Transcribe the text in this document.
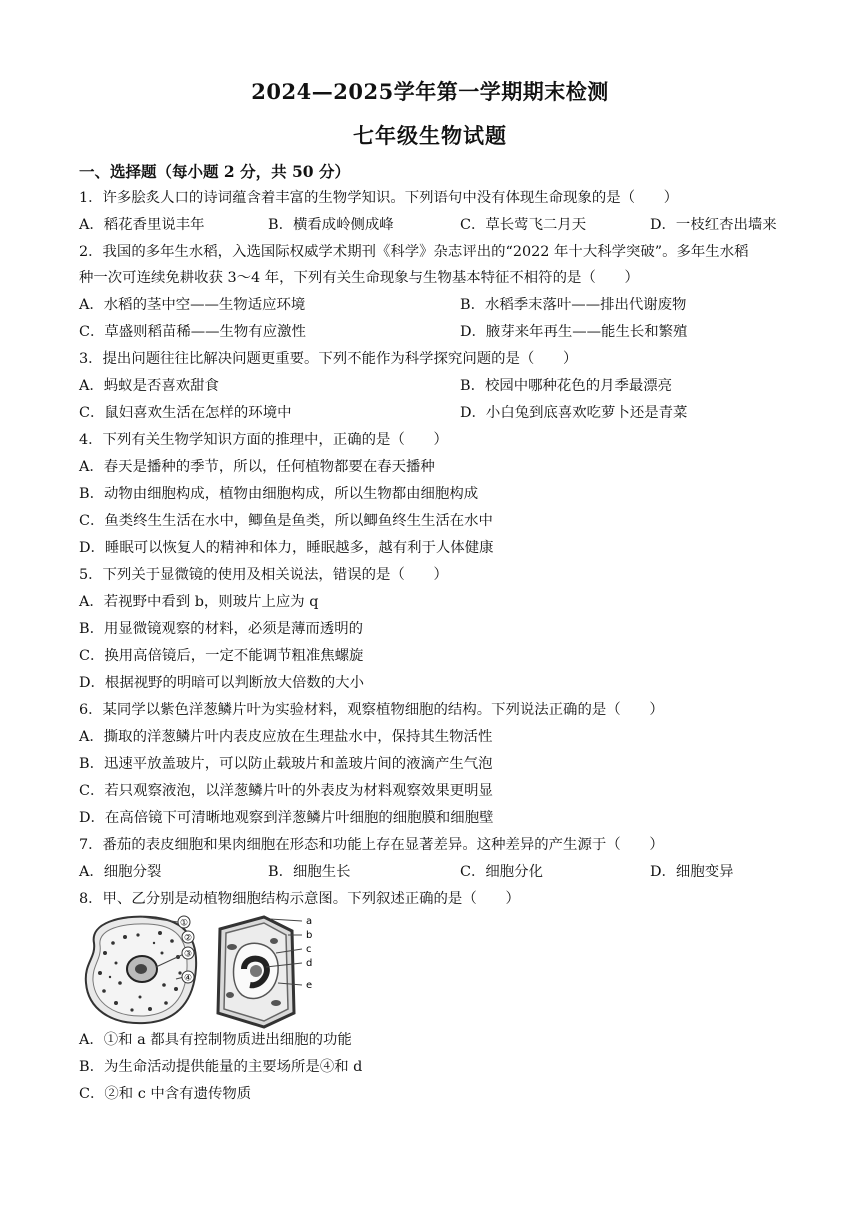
2024—2025学年第一学期期末检测
七年级生物试题
一、选择题（每小题 2 分，共 50 分）
1．许多脍炙人口的诗词蕴含着丰富的生物学知识。下列语句中没有体现生命现象的是（　　）
A．稻花香里说丰年	B．横看成岭侧成峰	C．草长莺飞二月天	D．一枝红杏出墙来
2．我国的多年生水稻，入选国际权威学术期刊《科学》杂志评出的“2022 年十大科学突破”。多年生水稻
种一次可连续免耕收获 3～4 年，下列有关生命现象与生物基本特征不相符的是（　　）
A．水稻的茎中空——生物适应环境	B．水稻季末落叶——排出代谢废物
C．草盛则稻苗稀——生物有应激性	D．腋芽来年再生——能生长和繁殖
3．提出问题往往比解决问题更重要。下列不能作为科学探究问题的是（　　）
A．蚂蚁是否喜欢甜食	B．校园中哪种花色的月季最漂亮
C．鼠妇喜欢生活在怎样的环境中	D．小白兔到底喜欢吃萝卜还是青菜
4．下列有关生物学知识方面的推理中，正确的是（　　）
A．春天是播种的季节，所以，任何植物都要在春天播种
B．动物由细胞构成，植物由细胞构成，所以生物都由细胞构成
C．鱼类终生生活在水中，鲫鱼是鱼类，所以鲫鱼终生生活在水中
D．睡眠可以恢复人的精神和体力，睡眠越多，越有利于人体健康
5．下列关于显微镜的使用及相关说法，错误的是（　　）
A．若视野中看到 b，则玻片上应为 q
B．用显微镜观察的材料，必须是薄而透明的
C．换用高倍镜后，一定不能调节粗准焦螺旋
D．根据视野的明暗可以判断放大倍数的大小
6．某同学以紫色洋葱鳞片叶为实验材料，观察植物细胞的结构。下列说法正确的是（　　）
A．撕取的洋葱鳞片叶内表皮应放在生理盐水中，保持其生物活性
B．迅速平放盖玻片，可以防止载玻片和盖玻片间的液滴产生气泡
C．若只观察液泡，以洋葱鳞片叶的外表皮为材料观察效果更明显
D．在高倍镜下可清晰地观察到洋葱鳞片叶细胞的细胞膜和细胞壁
7．番茄的表皮细胞和果肉细胞在形态和功能上存在显著差异。这种差异的产生源于（　　）
A．细胞分裂	B．细胞生长	C．细胞分化	D．细胞变异
8．甲、乙分别是动植物细胞结构示意图。下列叙述正确的是（　　）
①
②
③
④
a
b
c
d
e
A．①和 a 都具有控制物质进出细胞的功能
B．为生命活动提供能量的主要场所是④和 d
C．②和 c 中含有遗传物质
